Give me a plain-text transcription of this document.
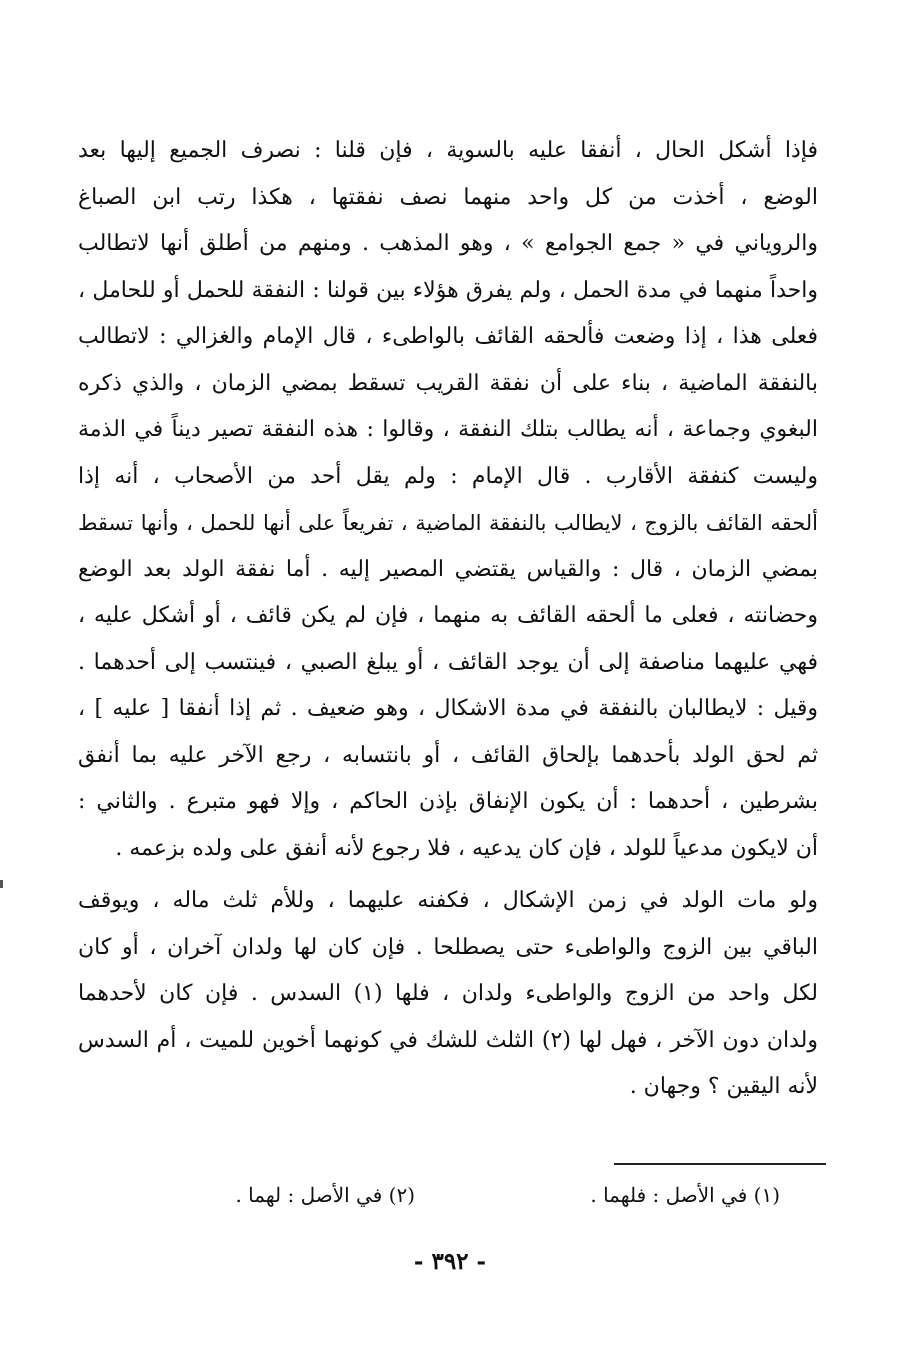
فإذا أشكل الحال ، أنفقا عليه بالسوية ، فإن قلنا : نصرف الجميع إليها بعد
الوضع ، أخذت من كل واحد منهما نصف نفقتها ، هكذا رتب ابن الصباغ
والروياني في « جمع الجوامع » ، وهو المذهب . ومنهم من أطلق أنها لاتطالب
واحداً منهما في مدة الحمل ، ولم يفرق هؤلاء بين قولنا : النفقة للحمل أو للحامل ،
فعلى هذا ، إذا وضعت فألحقه القائف بالواطىء ، قال الإمام والغزالي : لاتطالب
بالنفقة الماضية ، بناء على أن نفقة القريب تسقط بمضي الزمان ، والذي ذكره
البغوي وجماعة ، أنه يطالب بتلك النفقة ، وقالوا : هذه النفقة تصير ديناً في الذمة
وليست كنفقة الأقارب . قال الإمام : ولم يقل أحد من الأصحاب ، أنه إذا
ألحقه القائف بالزوج ، لايطالب بالنفقة الماضية ، تفريعاً على أنها للحمل ، وأنها تسقط
بمضي الزمان ، قال : والقياس يقتضي المصير إليه . أما نفقة الولد بعد الوضع
وحضانته ، فعلى ما ألحقه القائف به منهما ، فإن لم يكن قائف ، أو أشكل عليه ،
فهي عليهما مناصفة إلى أن يوجد القائف ، أو يبلغ الصبي ، فينتسب إلى أحدهما .
وقيل : لايطالبان بالنفقة في مدة الاشكال ، وهو ضعيف . ثم إذا أنفقا [ عليه ] ،
ثم لحق الولد بأحدهما بإلحاق القائف ، أو بانتسابه ، رجع الآخر عليه بما أنفق
بشرطين ، أحدهما : أن يكون الإنفاق بإذن الحاكم ، وإلا فهو متبرع . والثاني :
أن لايكون مدعياً للولد ، فإن كان يدعيه ، فلا رجوع لأنه أنفق على ولده بزعمه .
ولو مات الولد في زمن الإشكال ، فكفنه عليهما ، وللأم ثلث ماله ، ويوقف
الباقي بين الزوج والواطىء حتى يصطلحا . فإن كان لها ولدان آخران ، أو كان
لكل واحد من الزوج والواطىء ولدان ، فلها (١) السدس . فإن كان لأحدهما
ولدان دون الآخر ، فهل لها (٢) الثلث للشك في كونهما أخوين للميت ، أم السدس
لأنه اليقين ؟ وجهان .
(١) في الأصل : فلهما .
(٢) في الأصل : لهما .
- ٣٩٢ -
